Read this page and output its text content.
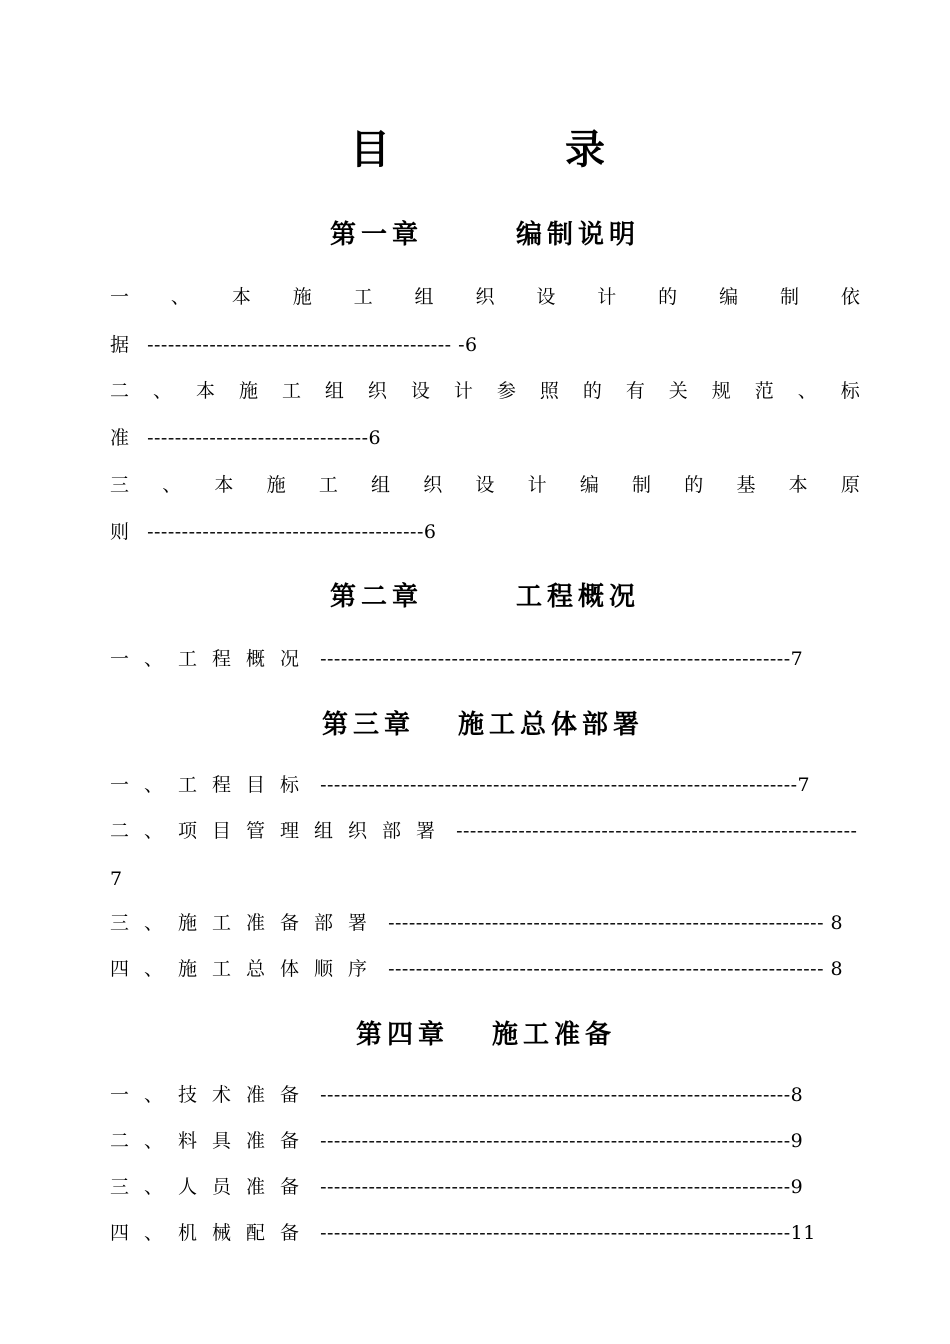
目	录
第一章	编制说明
一 、 本 施 工 组 织 设 计 的 编 制 依
据 -------------------------------------------- -6
二 、 本 施 工 组 织 设 计 参 照 的 有 关 规 范 、 标
准 --------------------------------6
三 、 本 施 工 组 织 设 计 编 制 的 基 本 原
则 ----------------------------------------6
第二章	工程概况
一、工程概况 --------------------------------------------------------------------7
第三章 施工总体部署
一、工程目标 ---------------------------------------------------------------------7
二、项目管理组织部署 ----------------------------------------------------------
7
三、施工准备部署 --------------------------------------------------------------- 8
四、施工总体顺序 --------------------------------------------------------------- 8
第四章 施工准备
一、技术准备 --------------------------------------------------------------------8
二、料具准备 --------------------------------------------------------------------9
三、人员准备 --------------------------------------------------------------------9
四、机械配备 --------------------------------------------------------------------11
